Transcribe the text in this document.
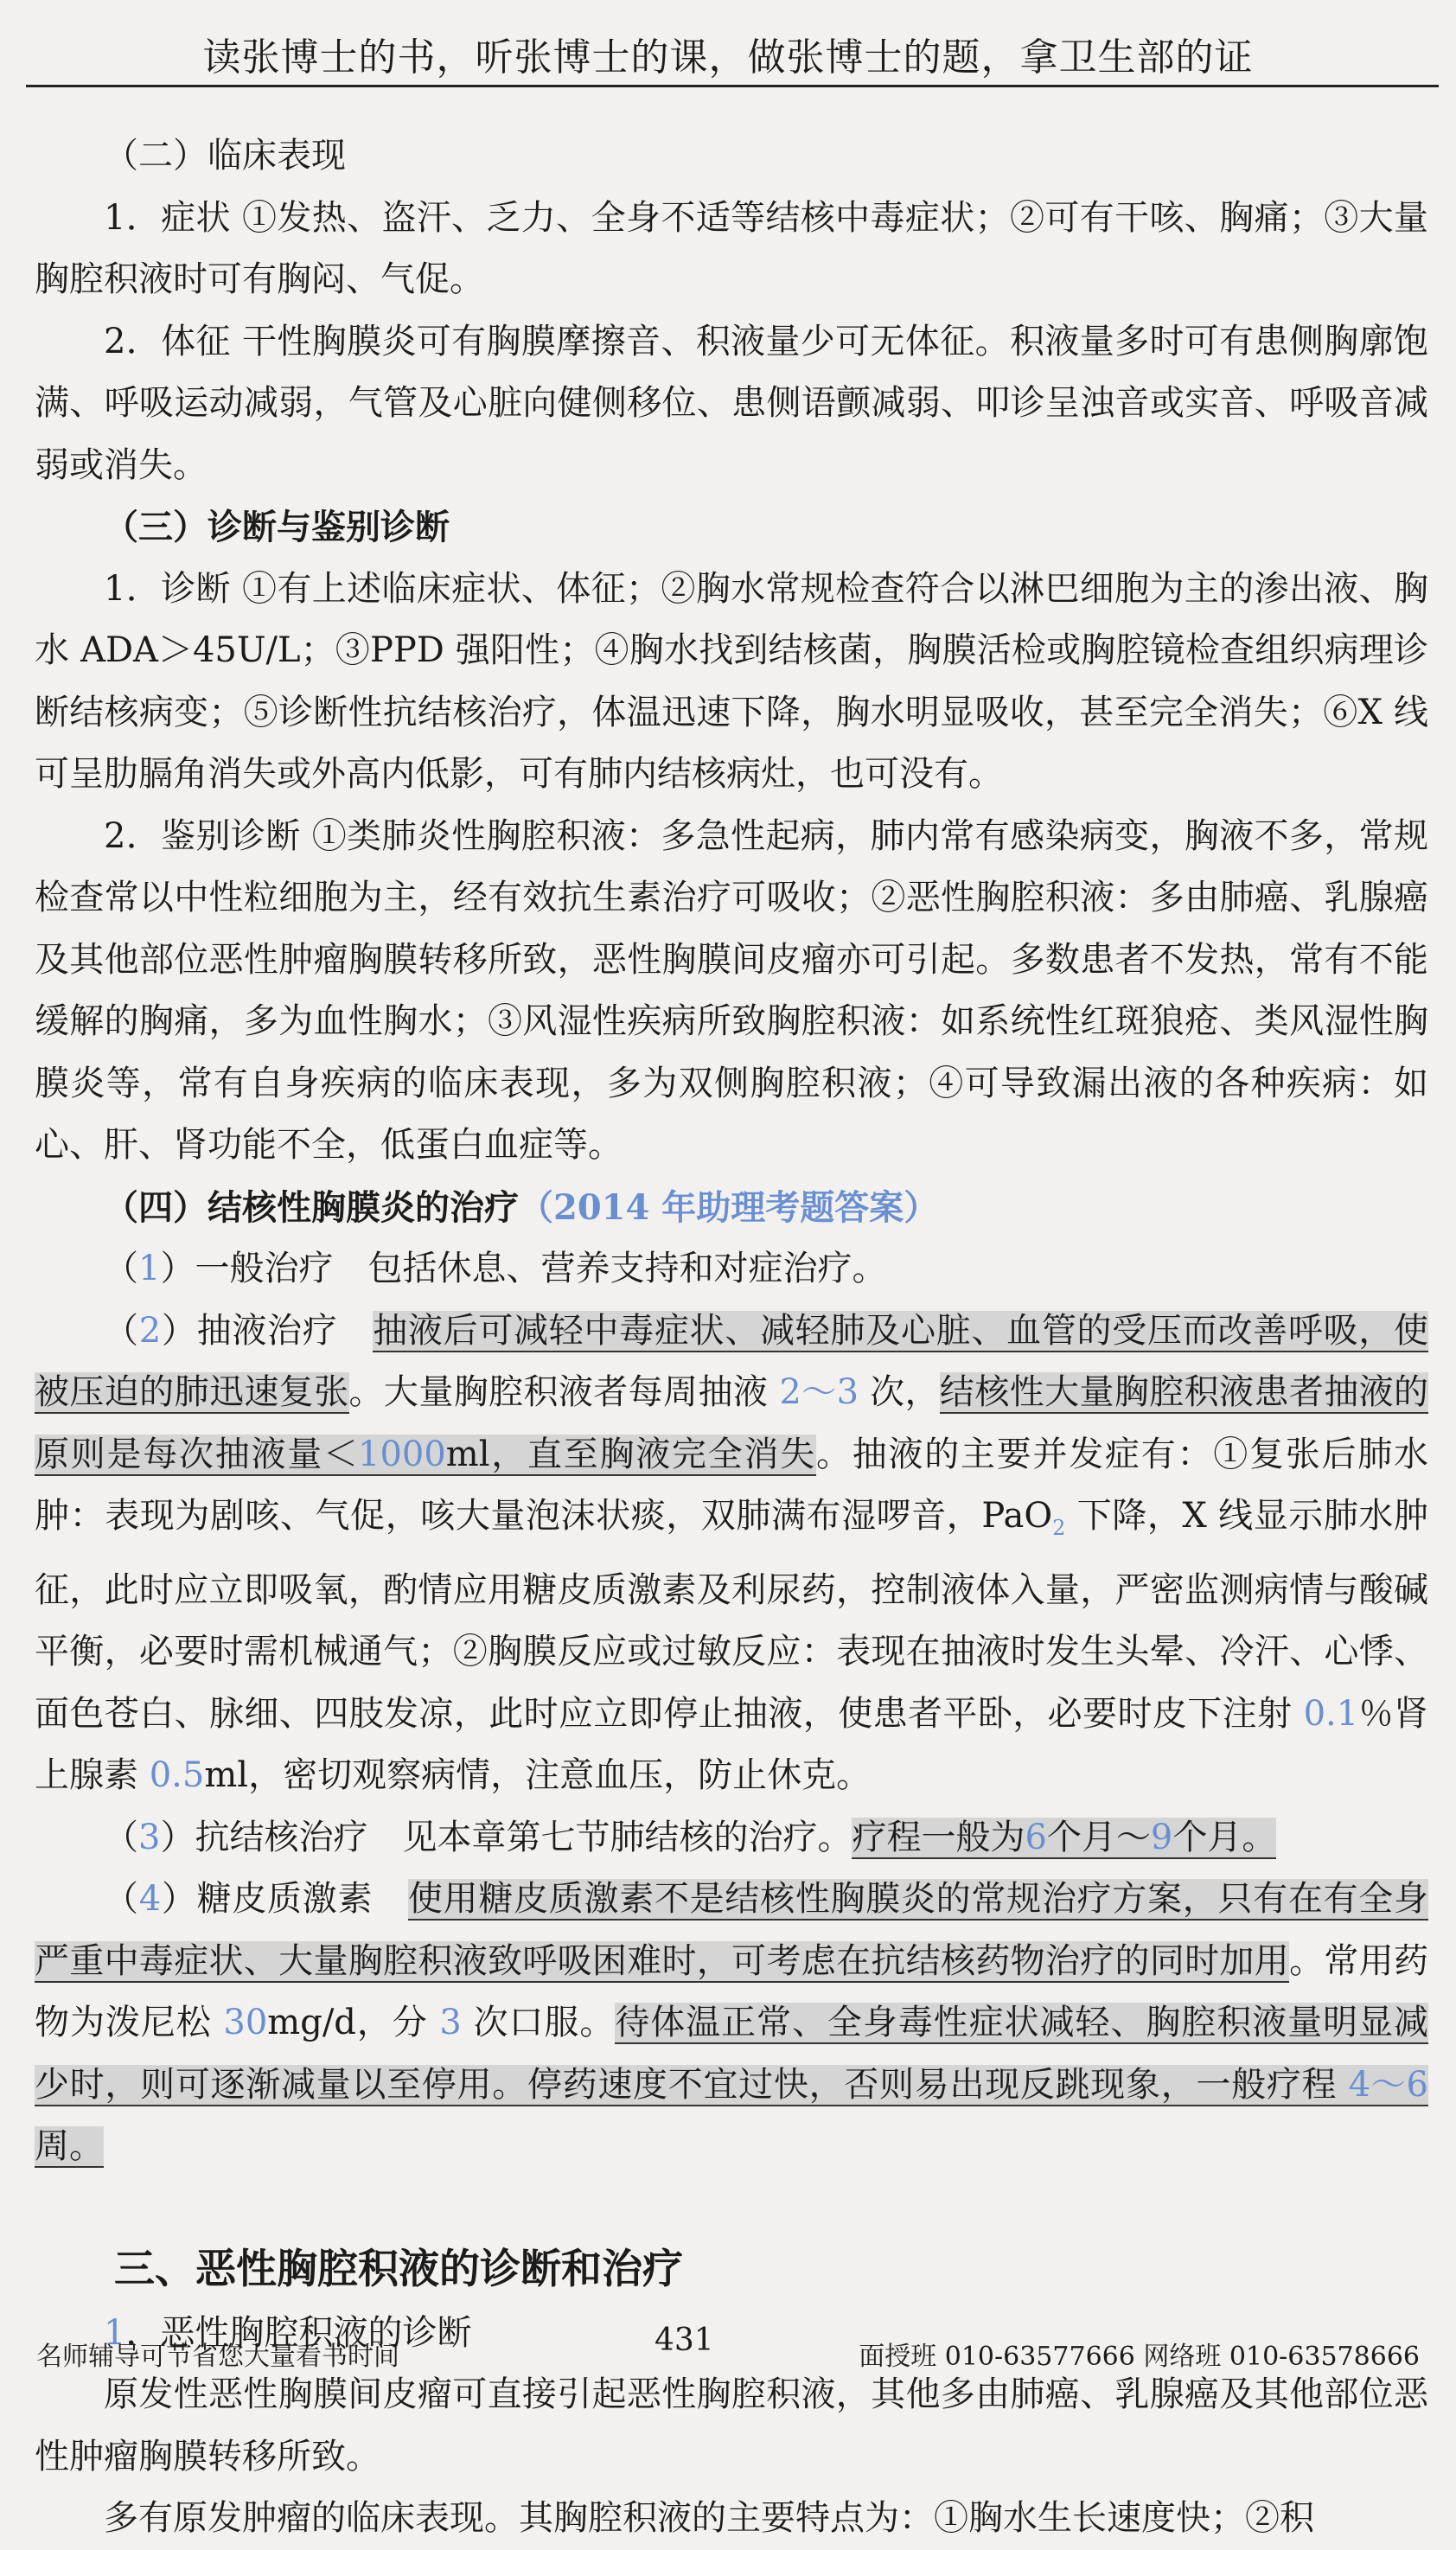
读张博士的书，听张博士的课，做张博士的题，拿卫生部的证

（二）临床表现

1．症状 ①发热、盗汗、乏力、全身不适等结核中毒症状；②可有干咳、胸痛；③大量胸腔积液时可有胸闷、气促。

2．体征 干性胸膜炎可有胸膜摩擦音、积液量少可无体征。积液量多时可有患侧胸廓饱满、呼吸运动减弱，气管及心脏向健侧移位、患侧语颤减弱、叩诊呈浊音或实音、呼吸音减弱或消失。

（三）诊断与鉴别诊断

1．诊断 ①有上述临床症状、体征；②胸水常规检查符合以淋巴细胞为主的渗出液、胸水 ADA＞45U/L；③PPD 强阳性；④胸水找到结核菌，胸膜活检或胸腔镜检查组织病理诊断结核病变；⑤诊断性抗结核治疗，体温迅速下降，胸水明显吸收，甚至完全消失；⑥X 线可呈肋膈角消失或外高内低影，可有肺内结核病灶，也可没有。

2．鉴别诊断 ①类肺炎性胸腔积液：多急性起病，肺内常有感染病变，胸液不多，常规检查常以中性粒细胞为主，经有效抗生素治疗可吸收；②恶性胸腔积液：多由肺癌、乳腺癌及其他部位恶性肿瘤胸膜转移所致，恶性胸膜间皮瘤亦可引起。多数患者不发热，常有不能缓解的胸痛，多为血性胸水；③风湿性疾病所致胸腔积液：如系统性红斑狼疮、类风湿性胸膜炎等，常有自身疾病的临床表现，多为双侧胸腔积液；④可导致漏出液的各种疾病：如心、肝、肾功能不全，低蛋白血症等。

（四）结核性胸膜炎的治疗（2014 年助理考题答案）

（1）一般治疗　 包括休息、营养支持和对症治疗。

（2）抽液治疗　 抽液后可减轻中毒症状、减轻肺及心脏、血管的受压而改善呼吸，使被压迫的肺迅速复张。大量胸腔积液者每周抽液 2～3 次，结核性大量胸腔积液患者抽液的原则是每次抽液量＜1000ml，直至胸液完全消失。抽液的主要并发症有：①复张后肺水肿：表现为剧咳、气促，咳大量泡沫状痰，双肺满布湿啰音，PaO$_2$ 下降，X 线显示肺水肿征，此时应立即吸氧，酌情应用糖皮质激素及利尿药，控制液体入量，严密监测病情与酸碱平衡，必要时需机械通气；②胸膜反应或过敏反应：表现在抽液时发生头晕、冷汗、心悸、面色苍白、脉细、四肢发凉，此时应立即停止抽液，使患者平卧，必要时皮下注射 0.1％肾上腺素 0.5ml，密切观察病情，注意血压，防止休克。

（3）抗结核治疗　 见本章第七节肺结核的治疗。疗程一般为6个月～9个月。

（4）糖皮质激素　 使用糖皮质激素不是结核性胸膜炎的常规治疗方案，只有在有全身严重中毒症状、大量胸腔积液致呼吸困难时，可考虑在抗结核药物治疗的同时加用。常用药物为泼尼松 30mg/d，分 3 次口服。待体温正常、全身毒性症状减轻、胸腔积液量明显减少时，则可逐渐减量以至停用。停药速度不宜过快，否则易出现反跳现象，一般疗程 4～6 周。

三、恶性胸腔积液的诊断和治疗

1．恶性胸腔积液的诊断

原发性恶性胸膜间皮瘤可直接引起恶性胸腔积液，其他多由肺癌、乳腺癌及其他部位恶性肿瘤胸膜转移所致。

多有原发肿瘤的临床表现。其胸腔积液的主要特点为：①胸水生长速度快；②积

名师辅导可节省您大量看书时间	431	面授班 010-63577666 网络班 010-63578666
